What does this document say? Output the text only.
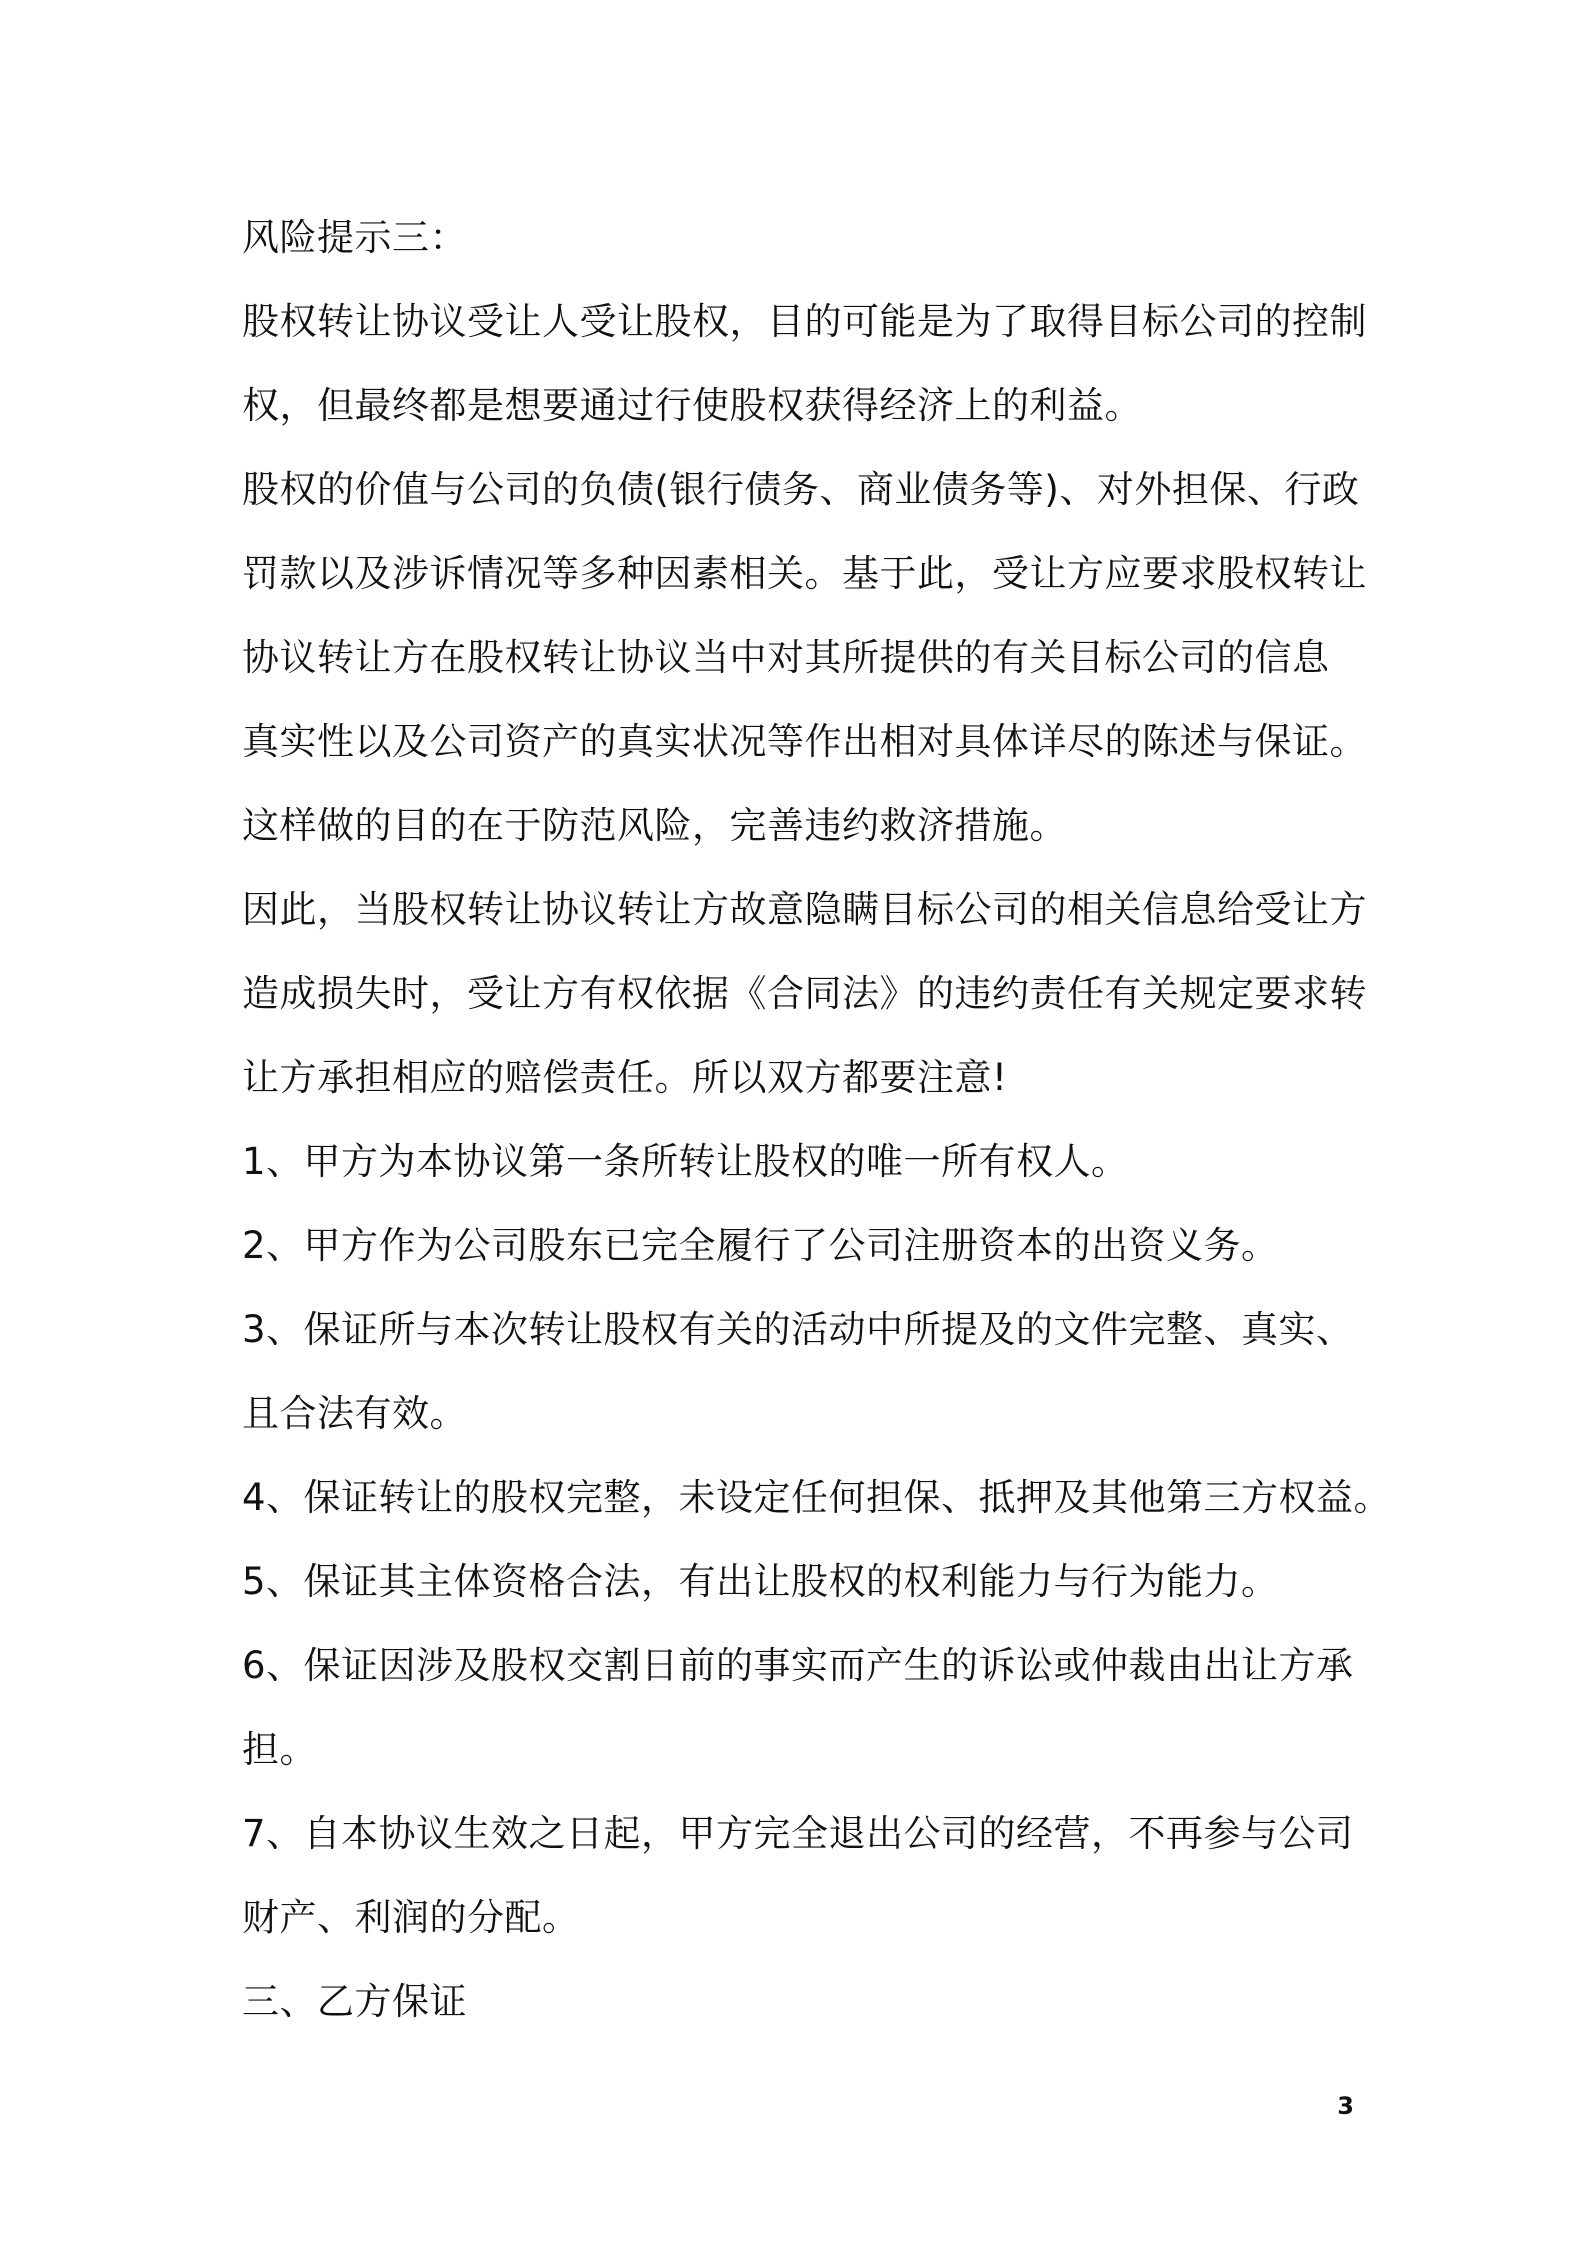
风险提示三：
股权转让协议受让人受让股权，目的可能是为了取得目标公司的控制
权，但最终都是想要通过行使股权获得经济上的利益。
股权的价值与公司的负债(银行债务、商业债务等)、对外担保、行政
罚款以及涉诉情况等多种因素相关。基于此，受让方应要求股权转让
协议转让方在股权转让协议当中对其所提供的有关目标公司的信息
真实性以及公司资产的真实状况等作出相对具体详尽的陈述与保证。
这样做的目的在于防范风险，完善违约救济措施。
因此，当股权转让协议转让方故意隐瞒目标公司的相关信息给受让方
造成损失时，受让方有权依据《合同法》的违约责任有关规定要求转
让方承担相应的赔偿责任。所以双方都要注意!
1、甲方为本协议第一条所转让股权的唯一所有权人。
2、甲方作为公司股东已完全履行了公司注册资本的出资义务。
3、保证所与本次转让股权有关的活动中所提及的文件完整、真实、
且合法有效。
4、保证转让的股权完整，未设定任何担保、抵押及其他第三方权益。
5、保证其主体资格合法，有出让股权的权利能力与行为能力。
6、保证因涉及股权交割日前的事实而产生的诉讼或仲裁由出让方承
担。
7、自本协议生效之日起，甲方完全退出公司的经营，不再参与公司
财产、利润的分配。
三、乙方保证
3
